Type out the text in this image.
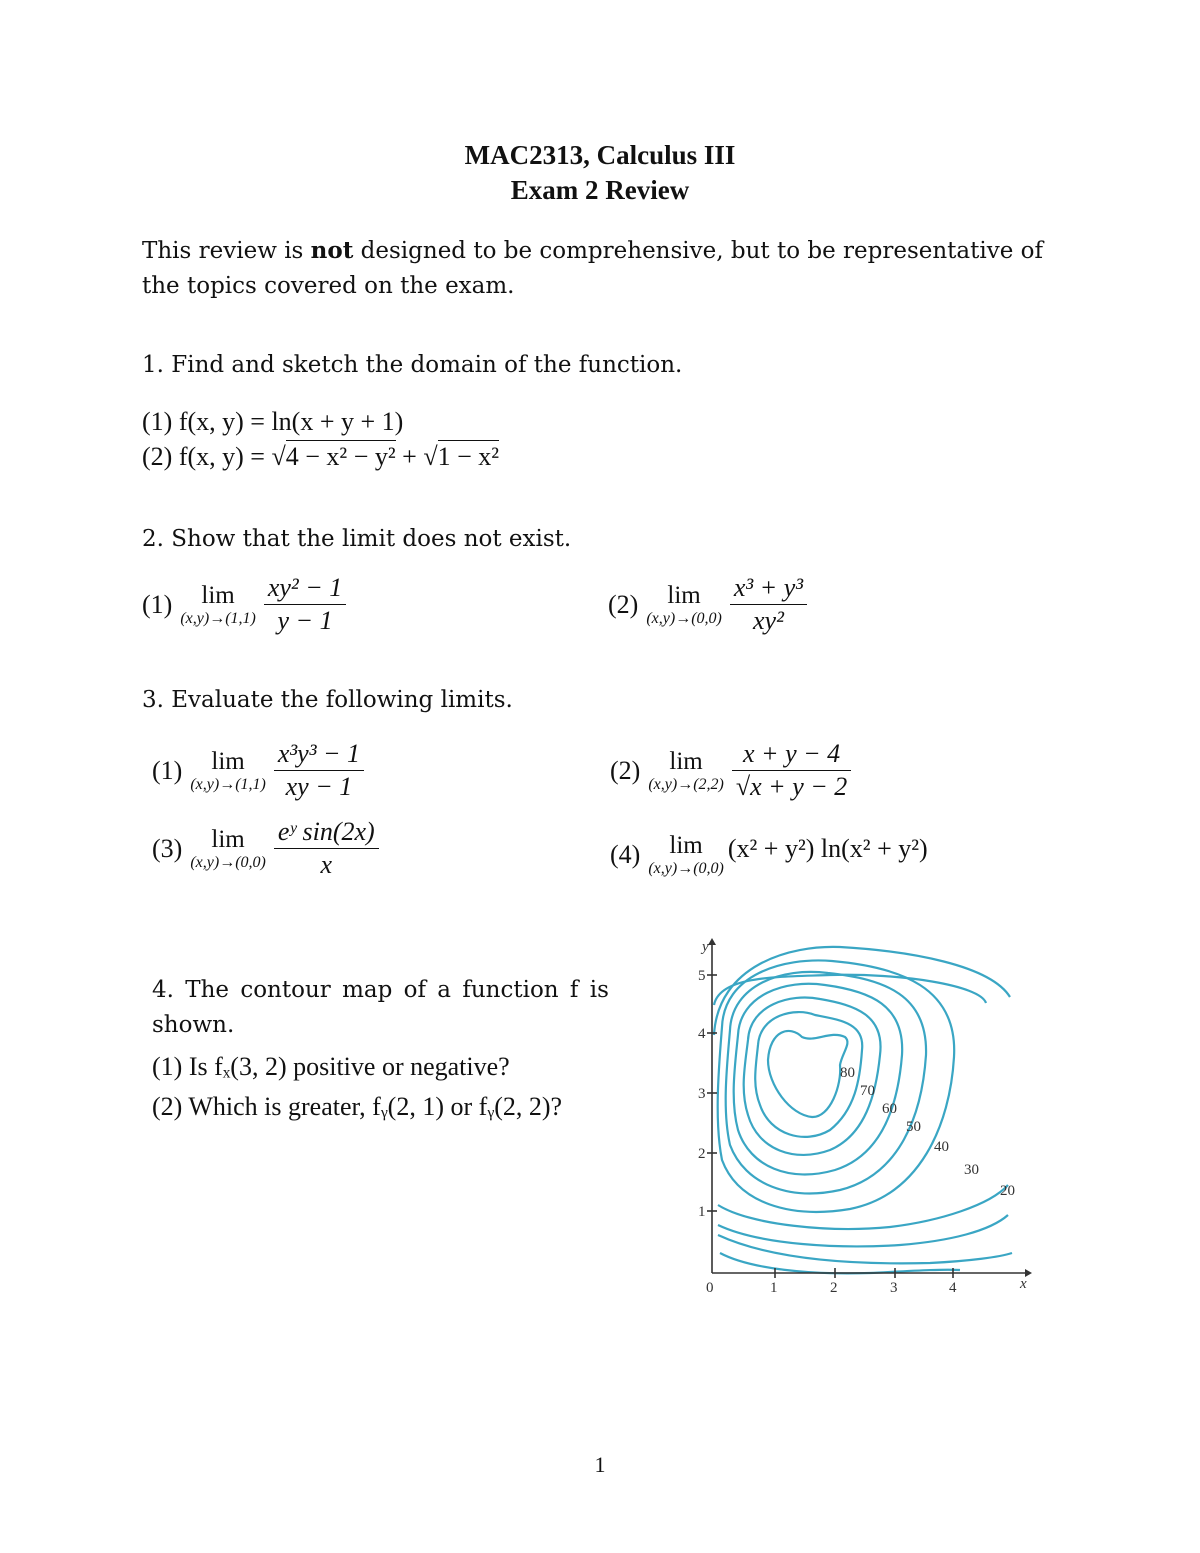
MAC2313, Calculus III
Exam 2 Review
This review is not designed to be comprehensive, but to be representative of the topics covered on the exam.
1. Find and sketch the domain of the function.
(1) f(x, y) = ln(x + y + 1)
(2) f(x, y) = √4 − x² − y² + √1 − x²
2. Show that the limit does not exist.
(1)	lim
$(x,y)\to(1,1) \frac{\text{xy² − 1}}{y - 1}$	(2)	lim
$(x,y)\to(0,0) \frac{\text{x³ + y³}}{\text{xy²}}$
3. Evaluate the following limits.
(1)	lim
$(x,y)\to(1,1) \frac{\text{x³y³ − 1}}{xy - 1}$	(2)	lim
$(x,y)\to(2,2) \frac{x + y - 4}{√x + y - 2}$
(3)	lim
$(x,y)\to(0,0) \frac{\text{eʸ sin(2x)}}{x}$	(4)	lim
(x,y)→(0,0)
(x² + y²) ln(x² + y²)
4. The contour map of a function f is
shown.
(1) Is fₓ(3, 2) positive or negative?
(2) Which is greater, fᵧ(2, 1) or fᵧ(2, 2)?
0	1	2	3	4	x
1
2
3
4
5
y
80
70
60
50
40
30
20
1
